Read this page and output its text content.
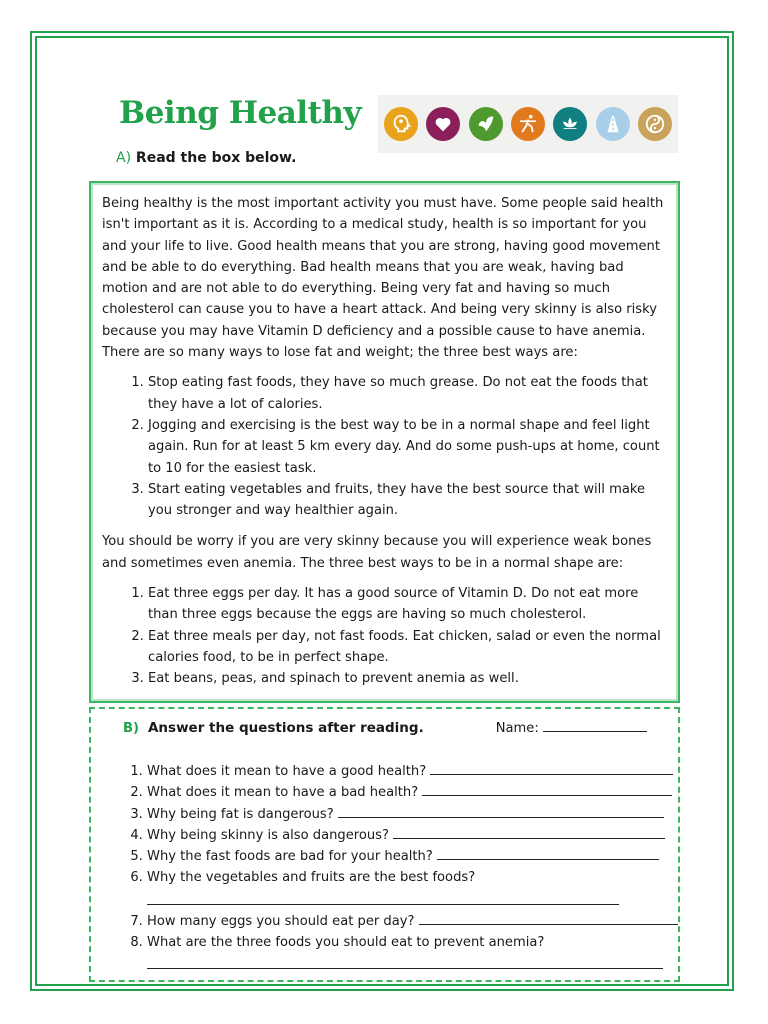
Being Healthy
A) Read the box below.

Being healthy is the most important activity you must have. Some people said health isn't important as it is. According to a medical study, health is so important for you and your life to live. Good health means that you are strong, having good movement and be able to do everything. Bad health means that you are weak, having bad motion and are not able to do everything. Being very fat and having so much cholesterol can cause you to have a heart attack. And being very skinny is also risky because you may have Vitamin D deficiency and a possible cause to have anemia. There are so many ways to lose fat and weight; the three best ways are:

1. Stop eating fast foods, they have so much grease. Do not eat the foods that they have a lot of calories.
2. Jogging and exercising is the best way to be in a normal shape and feel light again. Run for at least 5 km every day. And do some push-ups at home, count to 10 for the easiest task.
3. Start eating vegetables and fruits, they have the best source that will make you stronger and way healthier again.

You should be worry if you are very skinny because you will experience weak bones and sometimes even anemia. The three best ways to be in a normal shape are:

1. Eat three eggs per day. It has a good source of Vitamin D. Do not eat more than three eggs because the eggs are having so much cholesterol.
2. Eat three meals per day, not fast foods. Eat chicken, salad or even the normal calories food, to be in perfect shape.
3. Eat beans, peas, and spinach to prevent anemia as well.
B) Answer the questions after reading.	Name:
1. What does it mean to have a good health?
2. What does it mean to have a bad health?
3. Why being fat is dangerous?
4. Why being skinny is also dangerous?
5. Why the fast foods are bad for your health?
6. Why the vegetables and fruits are the best foods?
7. How many eggs you should eat per day?
8. What are the three foods you should eat to prevent anemia?
